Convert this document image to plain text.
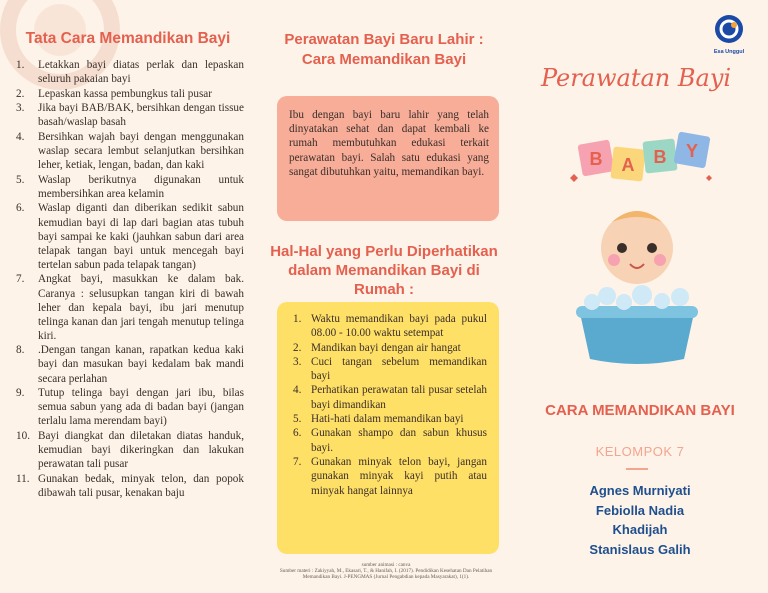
Tata Cara Memandikan Bayi
1. Letakkan bayi diatas perlak dan lepaskan seluruh pakaian bayi
2. Lepaskan kassa pembungkus tali pusar
3. Jika bayi BAB/BAK, bersihkan dengan tissue basah/waslap basah
4. Bersihkan wajah bayi dengan menggunakan waslap secara lembut selanjutkan bersihkan leher, ketiak, lengan, badan, dan kaki
5. Waslap berikutnya digunakan untuk membersihkan area kelamin
6. Waslap diganti dan diberikan sedikit sabun kemudian bayi di lap dari bagian atas tubuh bayi sampai ke kaki (jauhkan sabun dari area telapak tangan bayi untuk mencegah bayi tertelan sabun pada telapak tangan)
7. Angkat bayi, masukkan ke dalam bak. Caranya : selusupkan tangan kiri di bawah leher dan kepala bayi, ibu jari menutup telinga kanan dan jari tengah menutup telinga kiri.
8. .Dengan tangan kanan, rapatkan kedua kaki bayi dan masukan bayi kedalam bak mandi secara perlahan
9. Tutup telinga bayi dengan jari ibu, bilas semua sabun yang ada di badan bayi (jangan terlalu lama merendam bayi)
10. Bayi diangkat dan diletakan diatas handuk, kemudian bayi dikeringkan dan lakukan perawatan tali pusar
11. Gunakan bedak, minyak telon, dan popok dibawah tali pusar, kenakan baju
Perawatan Bayi Baru Lahir :
Cara Memandikan Bayi
Ibu dengan bayi baru lahir yang telah dinyatakan sehat dan dapat kembali ke rumah membutuhkan edukasi terkait perawatan bayi. Salah satu edukasi yang sangat dibutuhkan yaitu, memandikan bayi.
Hal-Hal yang Perlu Diperhatikan
dalam Memandikan Bayi di
Rumah :
1. Waktu memandikan bayi pada pukul 08.00 - 10.00 waktu setempat
2. Mandikan bayi dengan air hangat
3. Cuci tangan sebelum memandikan bayi
4. Perhatikan perawatan tali pusar setelah bayi dimandikan
5. Hati-hati dalam memandikan bayi
6. Gunakan shampo dan sabun khusus bayi.
7. Gunakan minyak telon bayi, jangan gunakan minyak kayi putih atau minyak hangat lainnya
sumber animasi : canva
Sumber materi : Zakiyyah, M., Ekasari, T., & Hanifah, I. (2017). Pendidikan Kesehatan Dan Pelatihan Memandikan Bayi. J-PENGMAS (Jurnal Pengabdian kepada Masyarakat), 1(1).
Esa Unggul
Perawatan Bayi
B A B Y
CARA MEMANDIKAN BAYI
KELOMPOK 7
Agnes Murniyati
Febiolla Nadia
Khadijah
Stanislaus Galih
